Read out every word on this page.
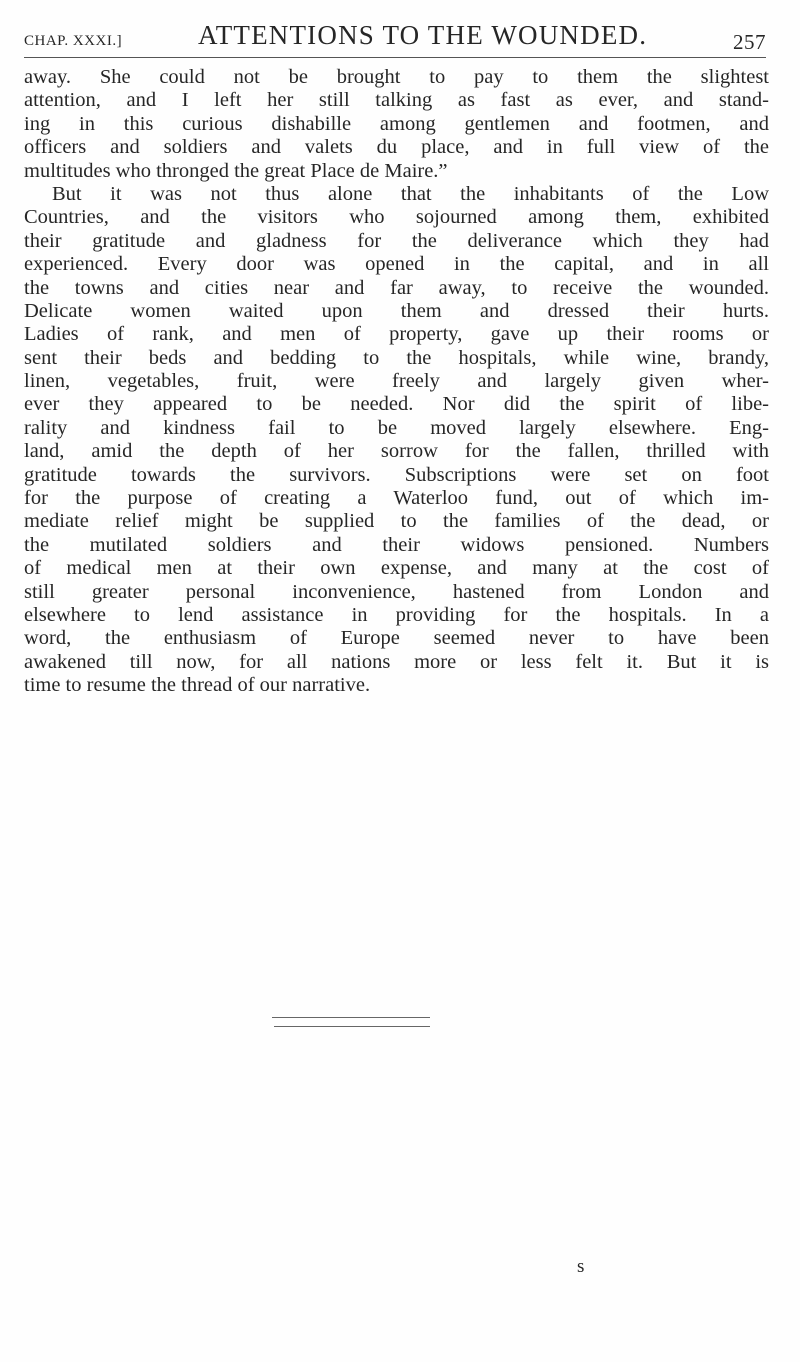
CHAP. XXXI.]	ATTENTIONS TO THE WOUNDED.	257
away. She could not be brought to pay to them the slightest
attention, and I left her still talking as fast as ever, and stand-
ing in this curious dishabille among gentlemen and footmen, and
officers and soldiers and valets du place, and in full view of the
multitudes who thronged the great Place de Maire.”
But it was not thus alone that the inhabitants of the Low
Countries, and the visitors who sojourned among them, exhibited
their gratitude and gladness for the deliverance which they had
experienced. Every door was opened in the capital, and in all
the towns and cities near and far away, to receive the wounded.
Delicate women waited upon them and dressed their hurts.
Ladies of rank, and men of property, gave up their rooms or
sent their beds and bedding to the hospitals, while wine, brandy,
linen, vegetables, fruit, were freely and largely given wher-
ever they appeared to be needed. Nor did the spirit of libe-
rality and kindness fail to be moved largely elsewhere. Eng-
land, amid the depth of her sorrow for the fallen, thrilled with
gratitude towards the survivors. Subscriptions were set on foot
for the purpose of creating a Waterloo fund, out of which im-
mediate relief might be supplied to the families of the dead, or
the mutilated soldiers and their widows pensioned. Numbers
of medical men at their own expense, and many at the cost of
still greater personal inconvenience, hastened from London and
elsewhere to lend assistance in providing for the hospitals. In a
word, the enthusiasm of Europe seemed never to have been
awakened till now, for all nations more or less felt it. But it is
time to resume the thread of our narrative.
s
